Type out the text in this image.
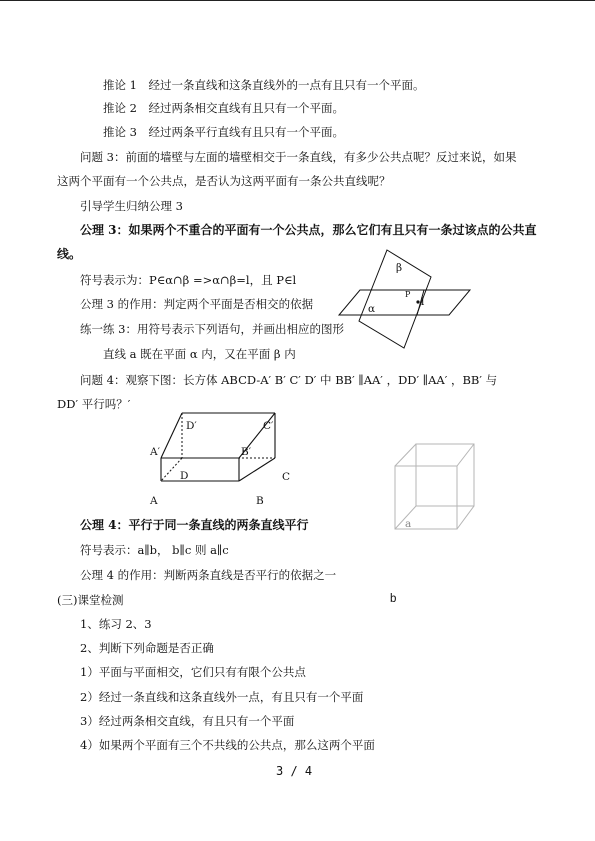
推论 1　经过一条直线和这条直线外的一点有且只有一个平面。
推论 2　经过两条相交直线有且只有一个平面。
推论 3　经过两条平行直线有且只有一个平面。
问题 3：前面的墙壁与左面的墙壁相交于一条直线，有多少公共点呢？反过来说，如果
这两个平面有一个公共点，是否认为这两平面有一条公共直线呢？
引导学生归纳公理 3
公理 3：如果两个不重合的平面有一个公共点，那么它们有且只有一条过该点的公共直
线。
符号表示为：P∈α∩β =>α∩β=l，且 P∈l
公理 3 的作用：判定两个平面是否相交的依据
练一练 3：用符号表示下列语句，并画出相应的图形
直线 a 既在平面 α 内，又在平面 β 内
问题 4：观察下图：长方体 ABCD-A′ B′ C′ D′ 中 BB′ ∥AA′ ，DD′ ∥AA′ ，BB′ 与
DD′ 平行吗？′
公理 4：平行于同一条直线的两条直线平行
符号表示：a∥b， b∥c 则 a∥c
公理 4 的作用：判断两条直线是否平行的依据之一
(三)课堂检测
1、练习 2、3
2、判断下列命题是否正确
1）平面与平面相交，它们只有有限个公共点
2）经过一条直线和这条直线外一点，有且只有一个平面
3）经过两条相交直线，有且只有一个平面
4）如果两个平面有三个不共线的公共点，那么这两个平面
3 / 4
β
α
P
l
D′	C′
A′	B′
D	C
A	B
a
b
